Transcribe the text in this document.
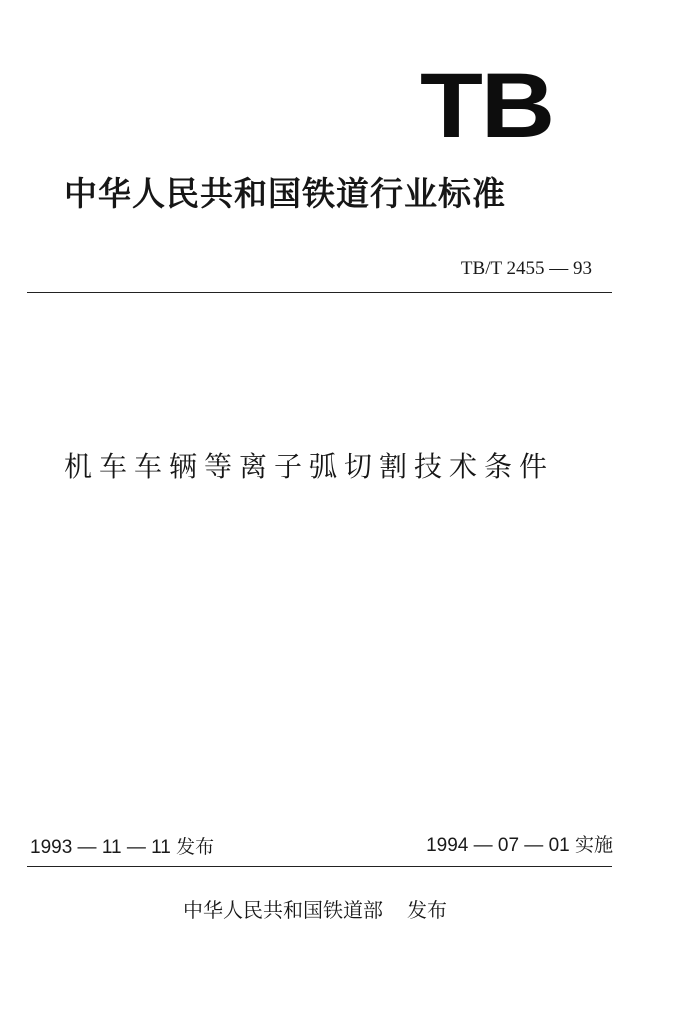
TB
中华人民共和国铁道行业标准
TB/T 2455 — 93
机车车辆等离子弧切割技术条件
1993 — 11 — 11 发布	1994 — 07 — 01 实施
中华人民共和国铁道部 发布
